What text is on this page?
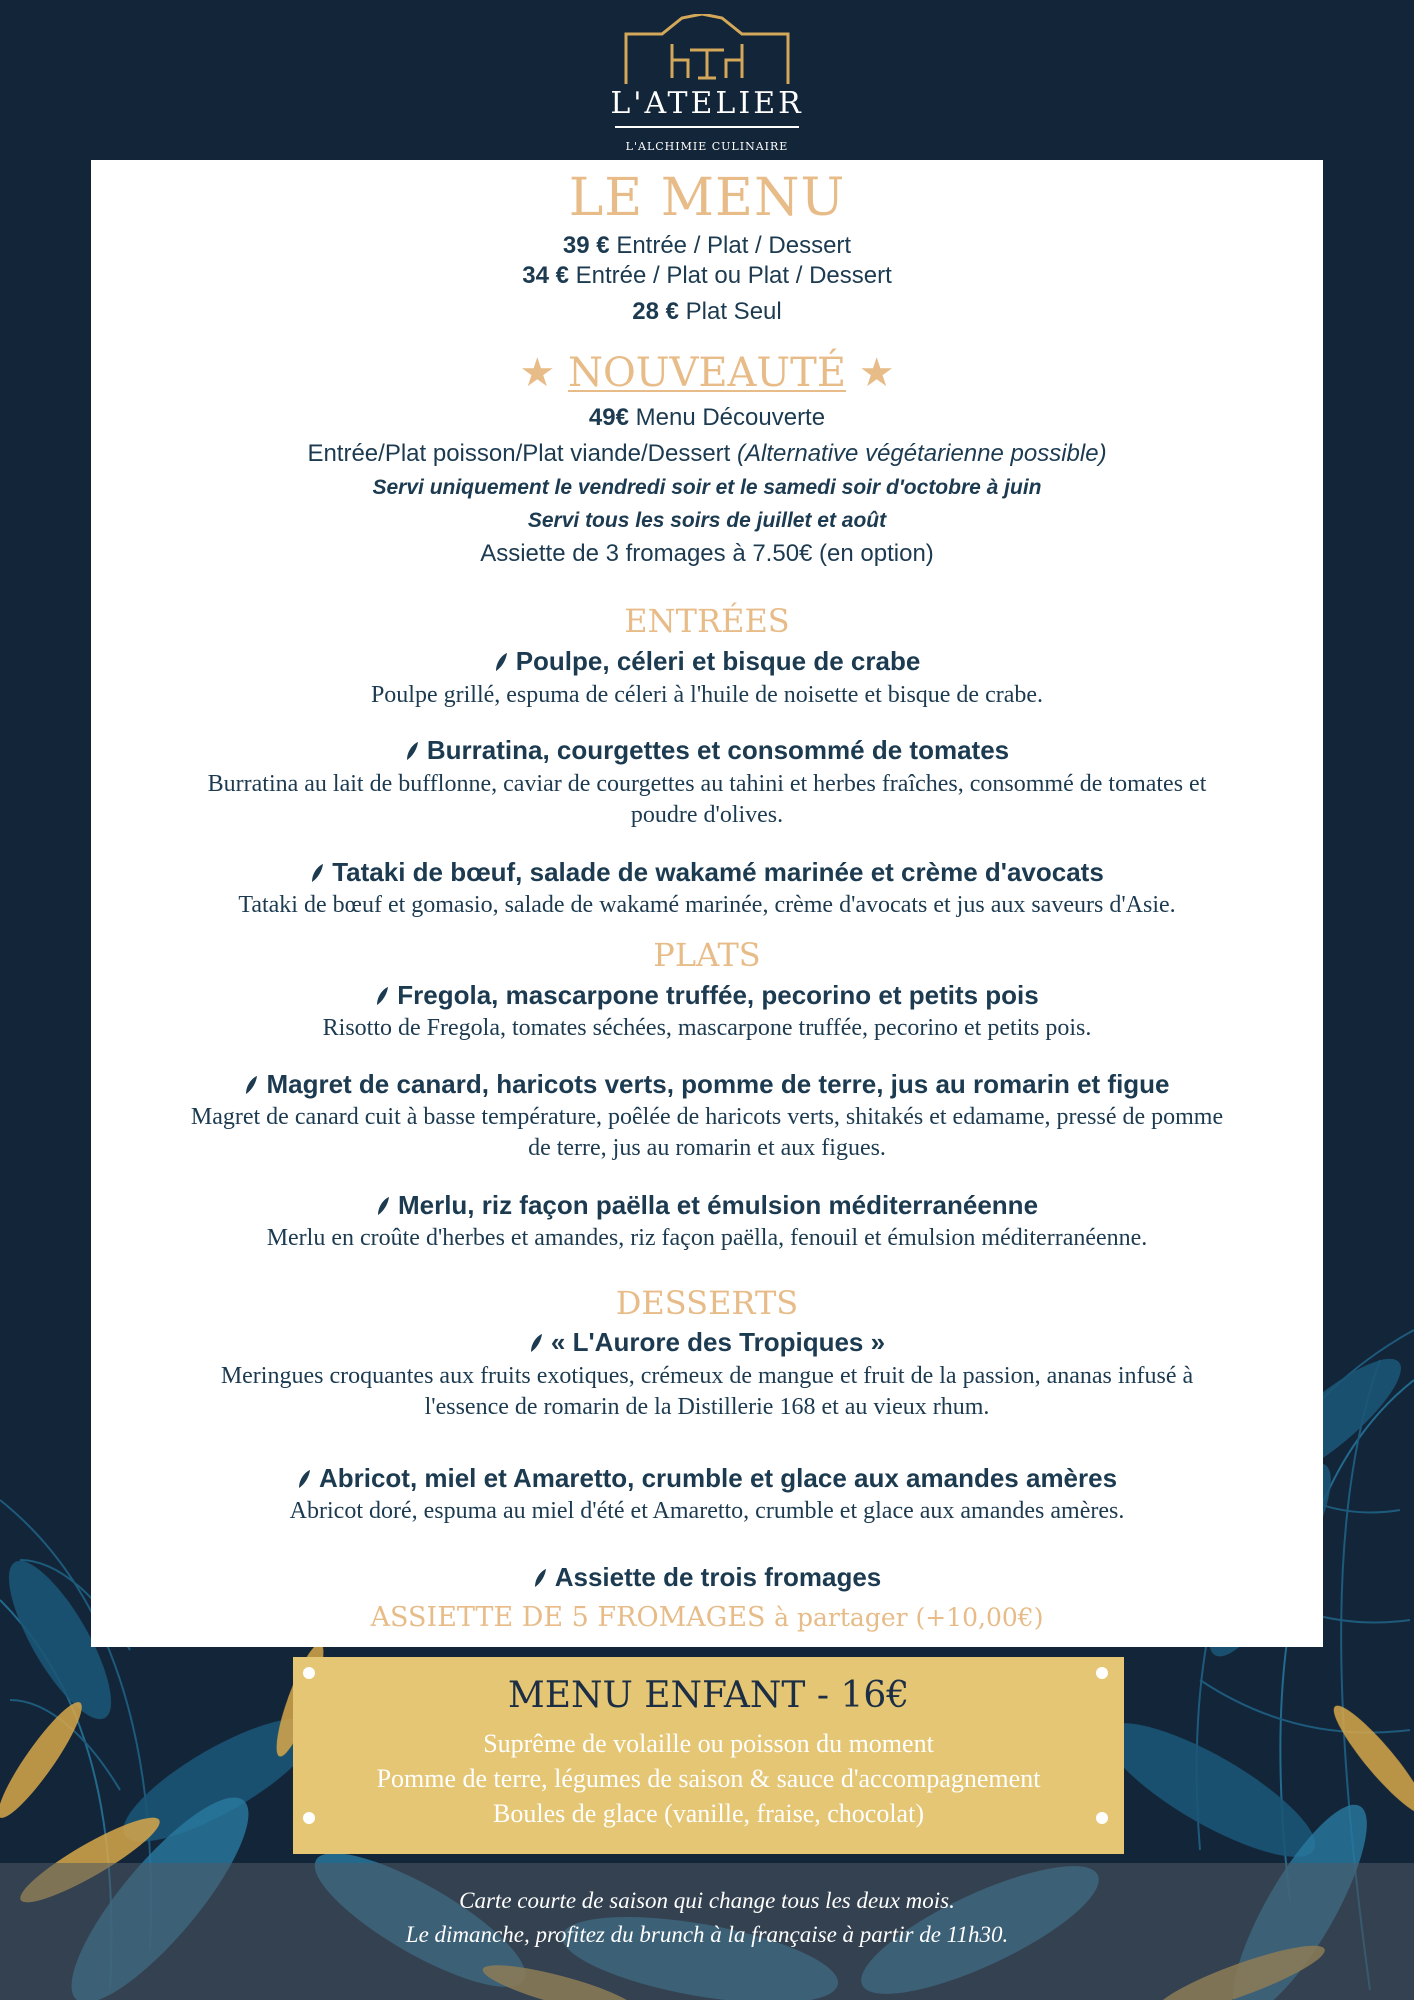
L'ATELIER
L'ALCHIMIE CULINAIRE
LE MENU
39 € Entrée / Plat / Dessert
34 € Entrée / Plat ou Plat / Dessert
28 € Plat Seul
★ NOUVEAUTÉ ★
49€ Menu Découverte
Entrée/Plat poisson/Plat viande/Dessert (Alternative végétarienne possible)
Servi uniquement le vendredi soir et le samedi soir d'octobre à juin
Servi tous les soirs de juillet et août
Assiette de 3 fromages à 7.50€ (en option)
ENTRÉES
Poulpe, céleri et bisque de crabe
Poulpe grillé, espuma de céleri à l'huile de noisette et bisque de crabe.
Burratina, courgettes et consommé de tomates
Burratina au lait de bufflonne, caviar de courgettes au tahini et herbes fraîches, consommé de tomates et
poudre d'olives.
Tataki de bœuf, salade de wakamé marinée et crème d'avocats
Tataki de bœuf et gomasio, salade de wakamé marinée, crème d'avocats et jus aux saveurs d'Asie.
PLATS
Fregola, mascarpone truffée, pecorino et petits pois
Risotto de Fregola, tomates séchées, mascarpone truffée, pecorino et petits pois.
Magret de canard, haricots verts, pomme de terre, jus au romarin et figue
Magret de canard cuit à basse température, poêlée de haricots verts, shitakés et edamame, pressé de pomme
de terre, jus au romarin et aux figues.
Merlu, riz façon paëlla et émulsion méditerranéenne
Merlu en croûte d'herbes et amandes, riz façon paëlla, fenouil et émulsion méditerranéenne.
DESSERTS
« L'Aurore des Tropiques »
Meringues croquantes aux fruits exotiques, crémeux de mangue et fruit de la passion, ananas infusé à
l'essence de romarin de la Distillerie 168 et au vieux rhum.
Abricot, miel et Amaretto, crumble et glace aux amandes amères
Abricot doré, espuma au miel d'été et Amaretto, crumble et glace aux amandes amères.
Assiette de trois fromages
ASSIETTE DE 5 FROMAGES à partager (+10,00€)
MENU ENFANT - 16€
Suprême de volaille ou poisson du moment
Pomme de terre, légumes de saison & sauce d'accompagnement
Boules de glace (vanille, fraise, chocolat)
Carte courte de saison qui change tous les deux mois.
Le dimanche, profitez du brunch à la française à partir de 11h30.
